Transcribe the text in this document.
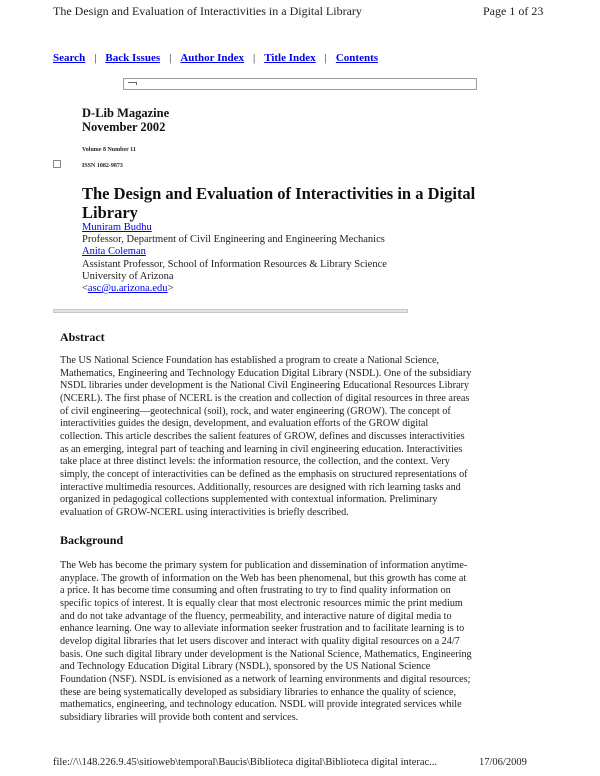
The Design and Evaluation of Interactivities in a Digital Library	Page 1 of 23
Search | Back Issues | Author Index | Title Index | Contents
D-Lib Magazine
November 2002
Volume 8 Number 11
ISSN 1082-9873
The Design and Evaluation of Interactivities in a Digital
Library
Muniram Budhu
Professor, Department of Civil Engineering and Engineering Mechanics
Anita Coleman
Assistant Professor, School of Information Resources & Library Science
University of Arizona
<asc@u.arizona.edu>
Abstract
The US National Science Foundation has established a program to create a National Science,
Mathematics, Engineering and Technology Education Digital Library (NSDL). One of the subsidiary
NSDL libraries under development is the National Civil Engineering Educational Resources Library
(NCERL). The first phase of NCERL is the creation and collection of digital resources in three areas
of civil engineering—geotechnical (soil), rock, and water engineering (GROW). The concept of
interactivities guides the design, development, and evaluation efforts of the GROW digital
collection. This article describes the salient features of GROW, defines and discusses interactivities
as an emerging, integral part of teaching and learning in civil engineering education. Interactivities
take place at three distinct levels: the information resource, the collection, and the context. Very
simply, the concept of interactivities can be defined as the emphasis on structured representations of
interactive multimedia resources. Additionally, resources are designed with rich learning tasks and
organized in pedagogical collections supplemented with contextual information. Preliminary
evaluation of GROW-NCERL using interactivities is briefly described.
Background
The Web has become the primary system for publication and dissemination of information anytime-
anyplace. The growth of information on the Web has been phenomenal, but this growth has come at
a price. It has become time consuming and often frustrating to try to find quality information on
specific topics of interest. It is equally clear that most electronic resources mimic the print medium
and do not take advantage of the fluency, permeability, and interactive nature of digital media to
enhance learning. One way to alleviate information seeker frustration and to facilitate learning is to
develop digital libraries that let users discover and interact with quality digital resources on a 24/7
basis. One such digital library under development is the National Science, Mathematics, Engineering
and Technology Education Digital Library (NSDL), sponsored by the US National Science
Foundation (NSF). NSDL is envisioned as a network of learning environments and digital resources;
these are being systematically developed as subsidiary libraries to enhance the quality of science,
mathematics, engineering, and technology education. NSDL will provide integrated services while
subsidiary libraries will provide both content and services.
file://\\148.226.9.45\sitioweb\temporal\Baucis\Biblioteca digital\Biblioteca digital interac...	17/06/2009
